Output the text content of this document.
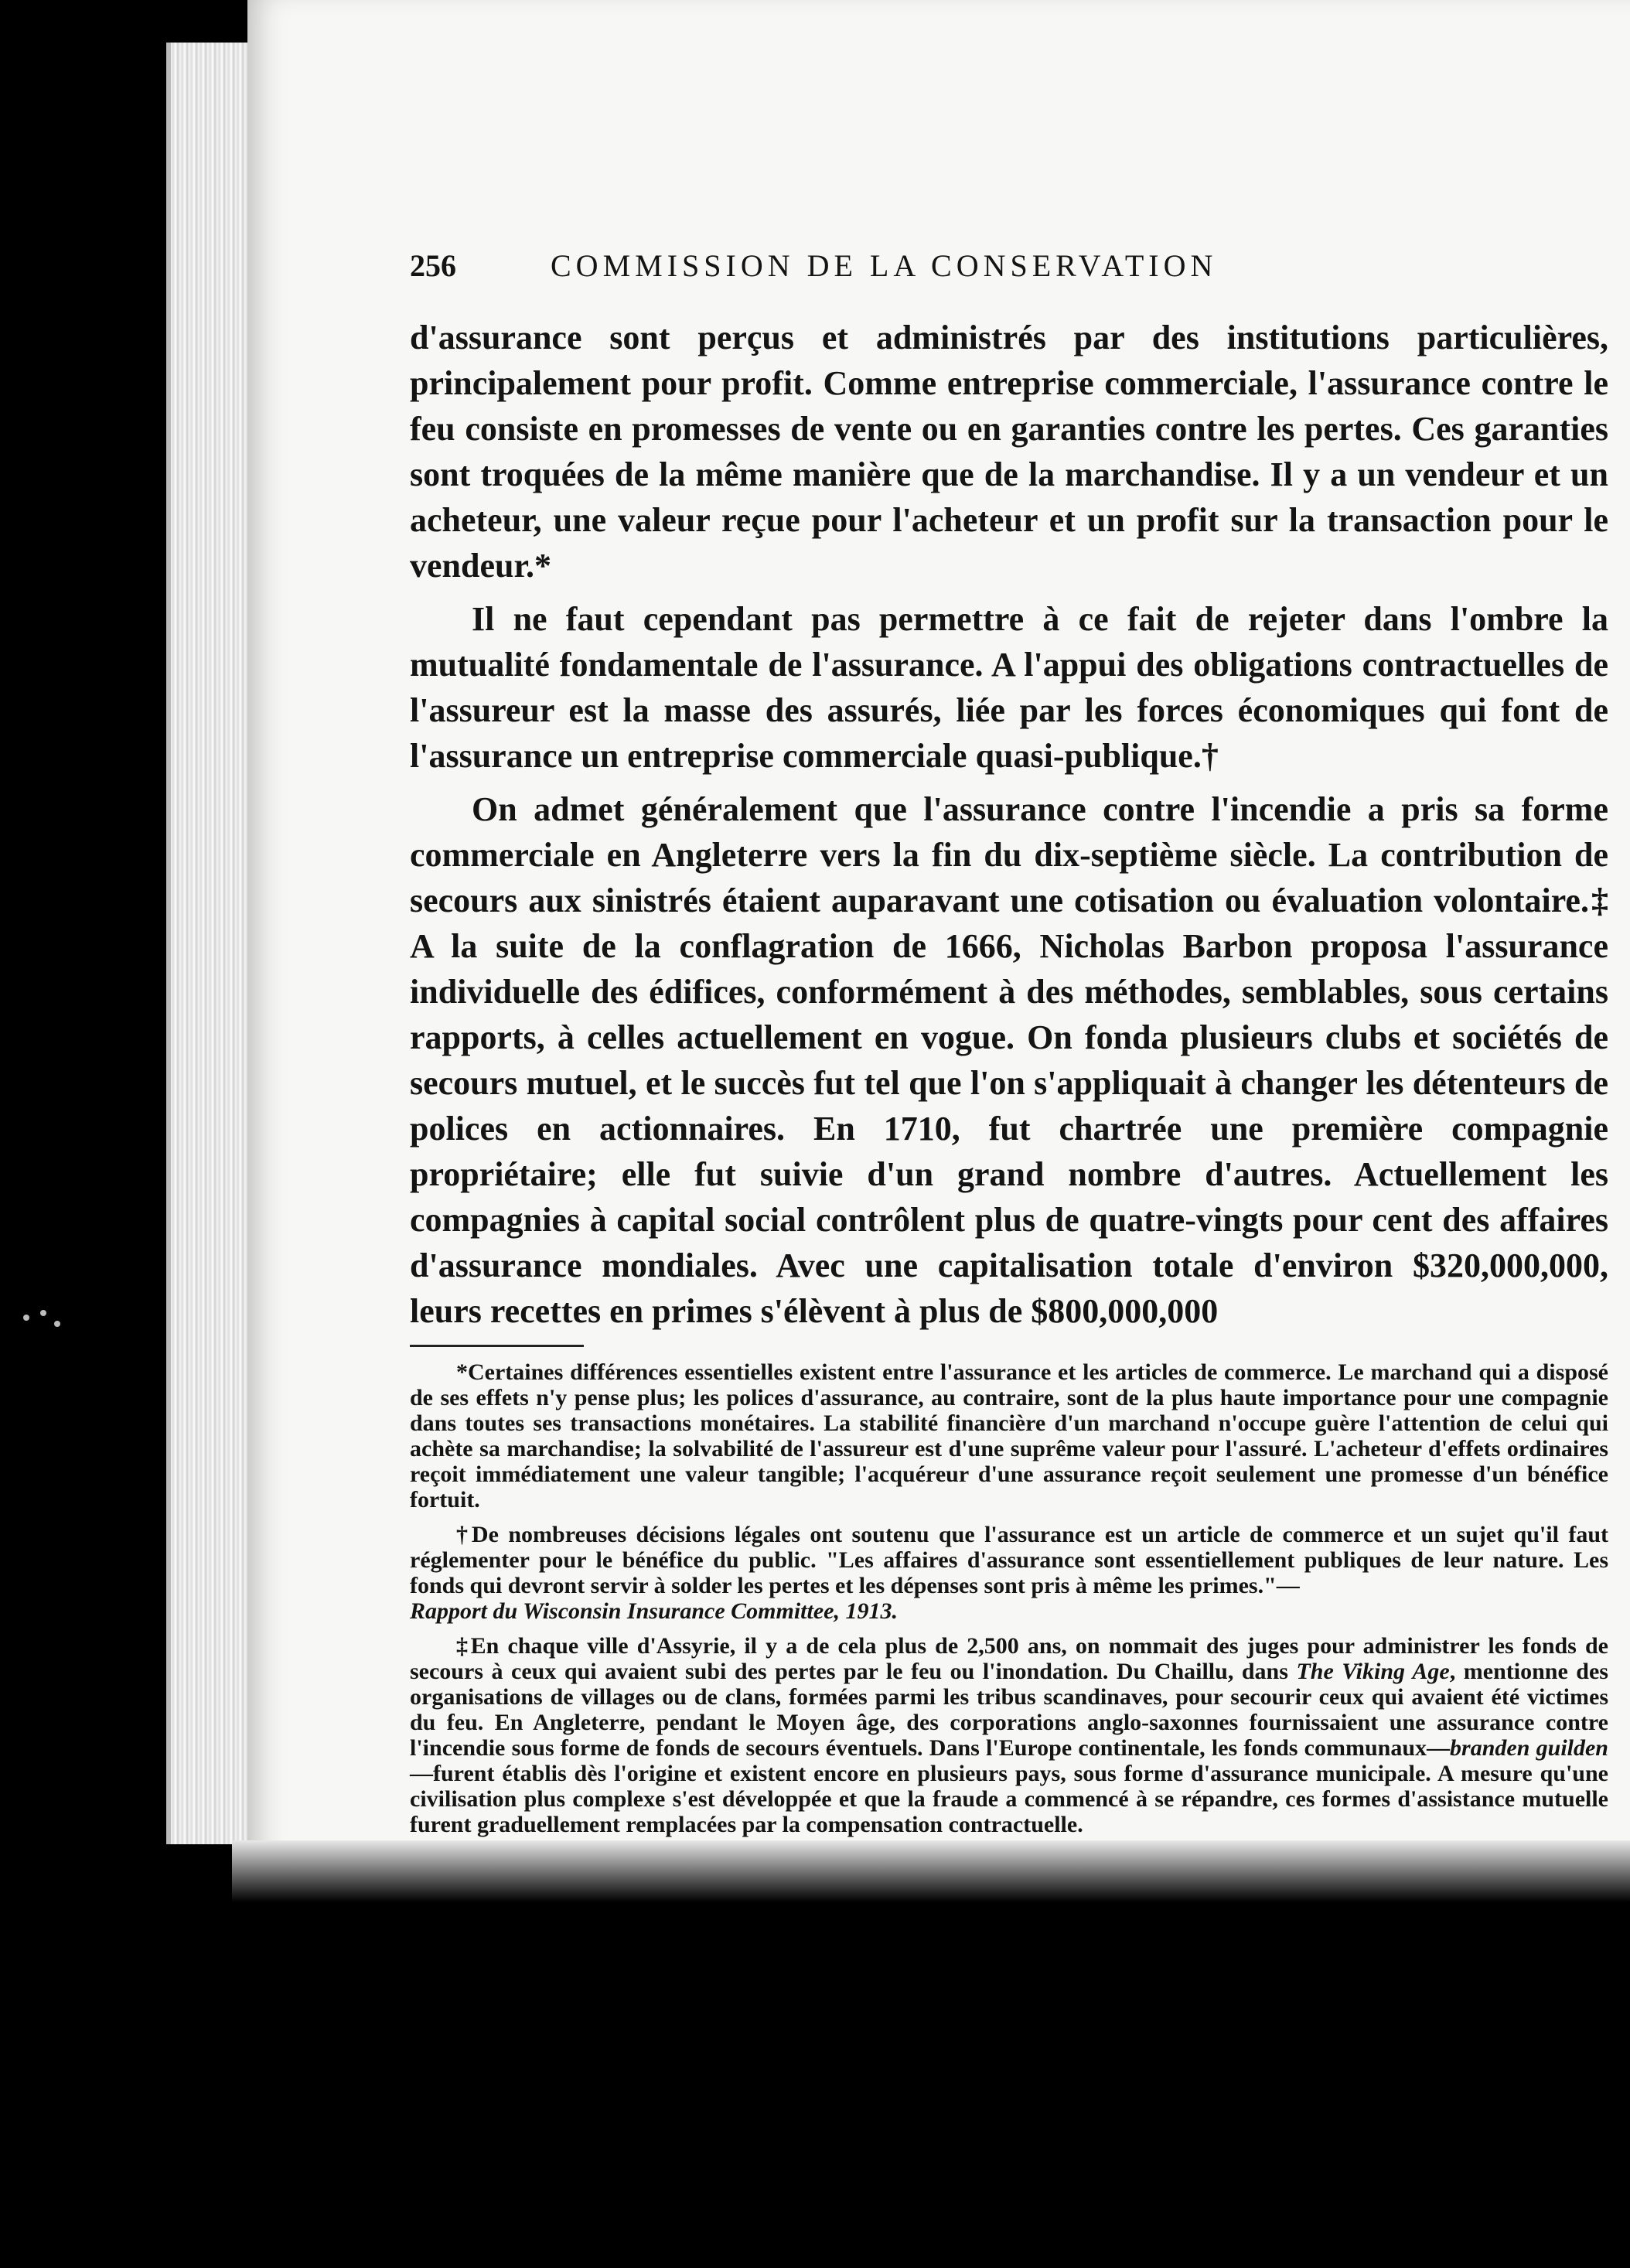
256	COMMISSION DE LA CONSERVATION

d'assurance sont perçus et administrés par des institutions particulières, principalement pour profit. Comme entreprise commerciale, l'assurance contre le feu consiste en promesses de vente ou en garanties contre les pertes. Ces garanties sont troquées de la même manière que de la marchandise. Il y a un vendeur et un acheteur, une valeur reçue pour l'acheteur et un profit sur la transaction pour le vendeur.*

Il ne faut cependant pas permettre à ce fait de rejeter dans l'ombre la mutualité fondamentale de l'assurance. A l'appui des obligations contractuelles de l'assureur est la masse des assurés, liée par les forces économiques qui font de l'assurance un entreprise commerciale quasi-publique.†

On admet généralement que l'assurance contre l'incendie a pris sa forme commerciale en Angleterre vers la fin du dix-septième siècle. La contribution de secours aux sinistrés étaient auparavant une cotisation ou évaluation volontaire.‡ A la suite de la conflagration de 1666, Nicholas Barbon proposa l'assurance individuelle des édifices, conformément à des méthodes, semblables, sous certains rapports, à celles actuellement en vogue. On fonda plusieurs clubs et sociétés de secours mutuel, et le succès fut tel que l'on s'appliquait à changer les détenteurs de polices en actionnaires. En 1710, fut chartrée une première compagnie propriétaire; elle fut suivie d'un grand nombre d'autres. Actuellement les compagnies à capital social contrôlent plus de quatre-vingts pour cent des affaires d'assurance mondiales. Avec une capitalisation totale d'environ $320,000,000, leurs recettes en primes s'élèvent à plus de $800,000,000

*Certaines différences essentielles existent entre l'assurance et les articles de commerce. Le marchand qui a disposé de ses effets n'y pense plus; les polices d'assurance, au contraire, sont de la plus haute importance pour une compagnie dans toutes ses transactions monétaires. La stabilité financière d'un marchand n'occupe guère l'attention de celui qui achète sa marchandise; la solvabilité de l'assureur est d'une suprême valeur pour l'assuré. L'acheteur d'effets ordinaires reçoit immédiatement une valeur tangible; l'acquéreur d'une assurance reçoit seulement une promesse d'un bénéfice fortuit.

†De nombreuses décisions légales ont soutenu que l'assurance est un article de commerce et un sujet qu'il faut réglementer pour le bénéfice du public. "Les affaires d'assurance sont essentiellement publiques de leur nature. Les fonds qui devront servir à solder les pertes et les dépenses sont pris à même les primes."—
Rapport du Wisconsin Insurance Committee, 1913.

‡En chaque ville d'Assyrie, il y a de cela plus de 2,500 ans, on nommait des juges pour administrer les fonds de secours à ceux qui avaient subi des pertes par le feu ou l'inondation. Du Chaillu, dans The Viking Age, mentionne des organisations de villages ou de clans, formées parmi les tribus scandinaves, pour secourir ceux qui avaient été victimes du feu. En Angleterre, pendant le Moyen âge, des corporations anglo-saxonnes fournissaient une assurance contre l'incendie sous forme de fonds de secours éventuels. Dans l'Europe continentale, les fonds communaux—branden guilden—furent établis dès l'origine et existent encore en plusieurs pays, sous forme d'assurance municipale. A mesure qu'une civilisation plus complexe s'est développée et que la fraude a commencé à se répandre, ces formes d'assistance mutuelle furent graduellement remplacées par la compensation contractuelle.
